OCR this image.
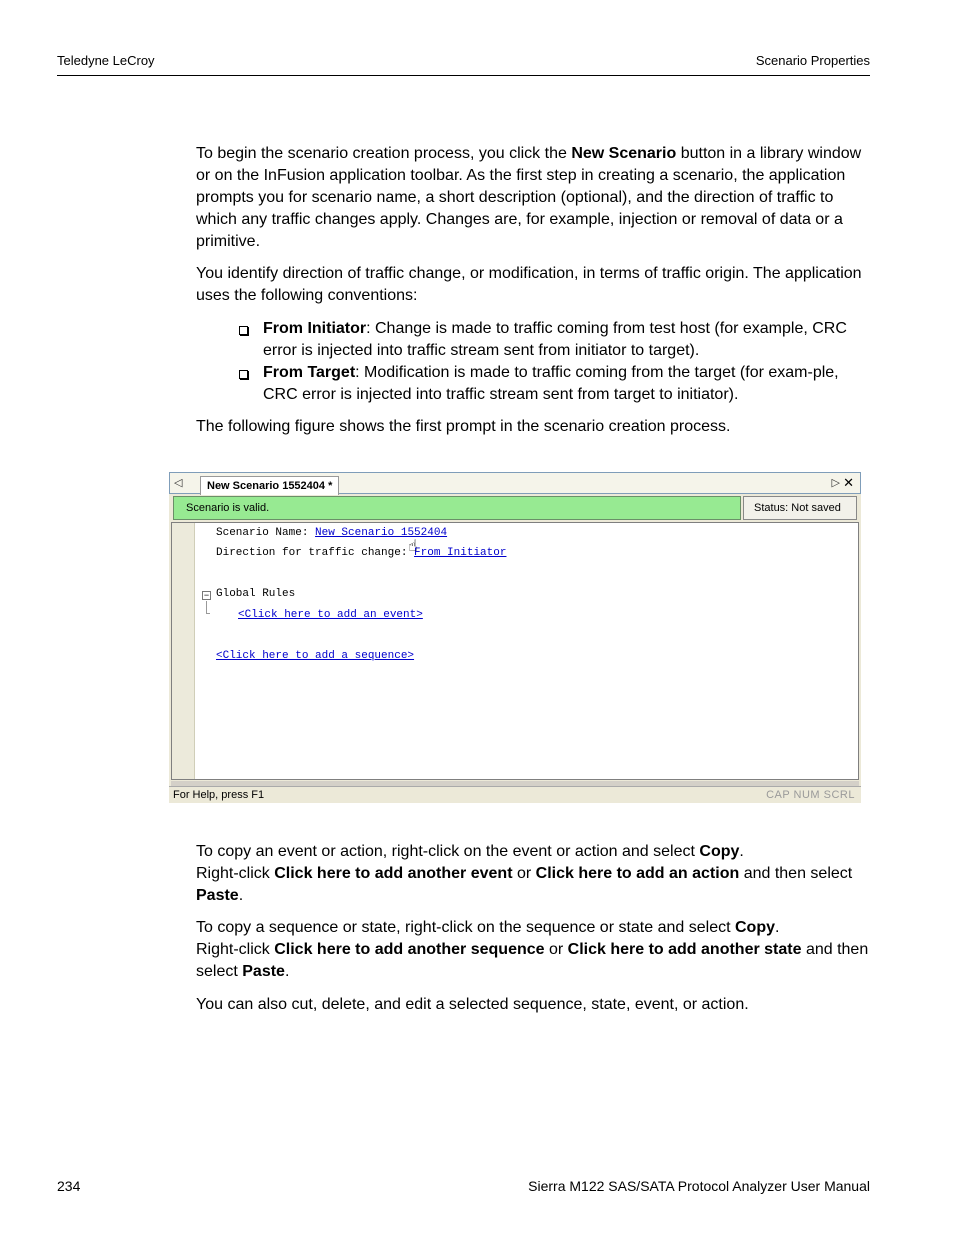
Teledyne LeCroy	Scenario Properties

To begin the scenario creation process, you click the New Scenario button in a library window or on the InFusion application toolbar. As the first step in creating a scenario, the application prompts you for scenario name, a short description (optional), and the direction of traffic to which any traffic changes apply. Changes are, for example, injection or removal of data or a primitive.

You identify direction of traffic change, or modification, in terms of traffic origin. The application uses the following conventions:

From Initiator: Change is made to traffic coming from test host (for example, CRC error is injected into traffic stream sent from initiator to target).
From Target: Modification is made to traffic coming from the target (for exam-ple, CRC error is injected into traffic stream sent from target to initiator).

The following figure shows the first prompt in the scenario creation process.

◁	New Scenario 1552404 *	▷ ✕
Scenario is valid.	Status: Not saved
Scenario Name: New Scenario 1552404
Direction for traffic change: From Initiator
☝
− Global Rules
<Click here to add an event>
<Click here to add a sequence>
For Help, press F1	CAP NUM SCRL

To copy an event or action, right-click on the event or action and select Copy.
Right-click Click here to add another event or Click here to add an action and then select Paste.

To copy a sequence or state, right-click on the sequence or state and select Copy.
Right-click Click here to add another sequence or Click here to add another state and then select Paste.

You can also cut, delete, and edit a selected sequence, state, event, or action.

234	Sierra M122 SAS/SATA Protocol Analyzer User Manual
